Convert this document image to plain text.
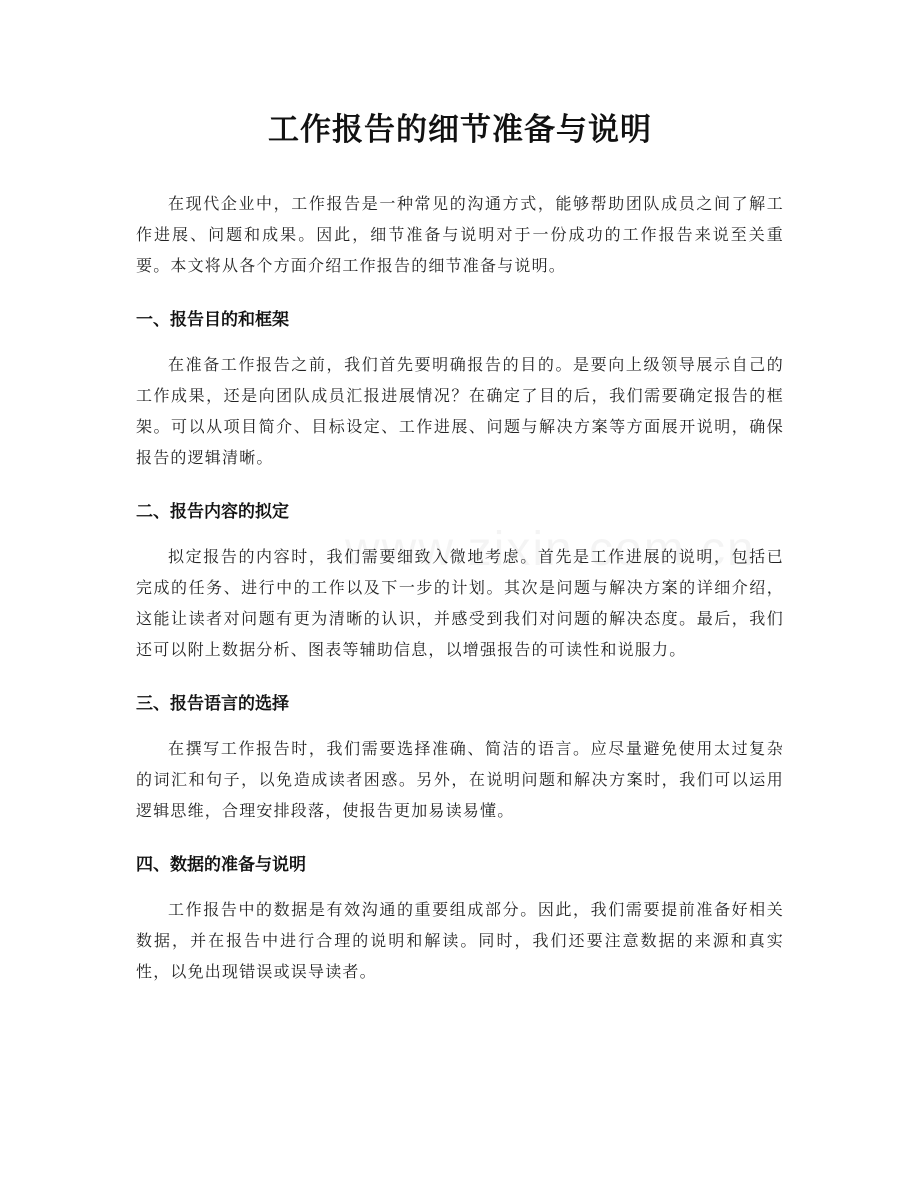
工作报告的细节准备与说明

在现代企业中，工作报告是一种常见的沟通方式，能够帮助团队成员之间了解工作进展、问题和成果。因此，细节准备与说明对于一份成功的工作报告来说至关重要。本文将从各个方面介绍工作报告的细节准备与说明。

一、报告目的和框架

在准备工作报告之前，我们首先要明确报告的目的。是要向上级领导展示自己的工作成果，还是向团队成员汇报进展情况？在确定了目的后，我们需要确定报告的框架。可以从项目简介、目标设定、工作进展、问题与解决方案等方面展开说明，确保报告的逻辑清晰。

二、报告内容的拟定

拟定报告的内容时，我们需要细致入微地考虑。首先是工作进展的说明，包括已完成的任务、进行中的工作以及下一步的计划。其次是问题与解决方案的详细介绍，这能让读者对问题有更为清晰的认识，并感受到我们对问题的解决态度。最后，我们还可以附上数据分析、图表等辅助信息，以增强报告的可读性和说服力。

三、报告语言的选择

在撰写工作报告时，我们需要选择准确、简洁的语言。应尽量避免使用太过复杂的词汇和句子，以免造成读者困惑。另外，在说明问题和解决方案时，我们可以运用逻辑思维，合理安排段落，使报告更加易读易懂。

四、数据的准备与说明

工作报告中的数据是有效沟通的重要组成部分。因此，我们需要提前准备好相关数据，并在报告中进行合理的说明和解读。同时，我们还要注意数据的来源和真实性，以免出现错误或误导读者。
